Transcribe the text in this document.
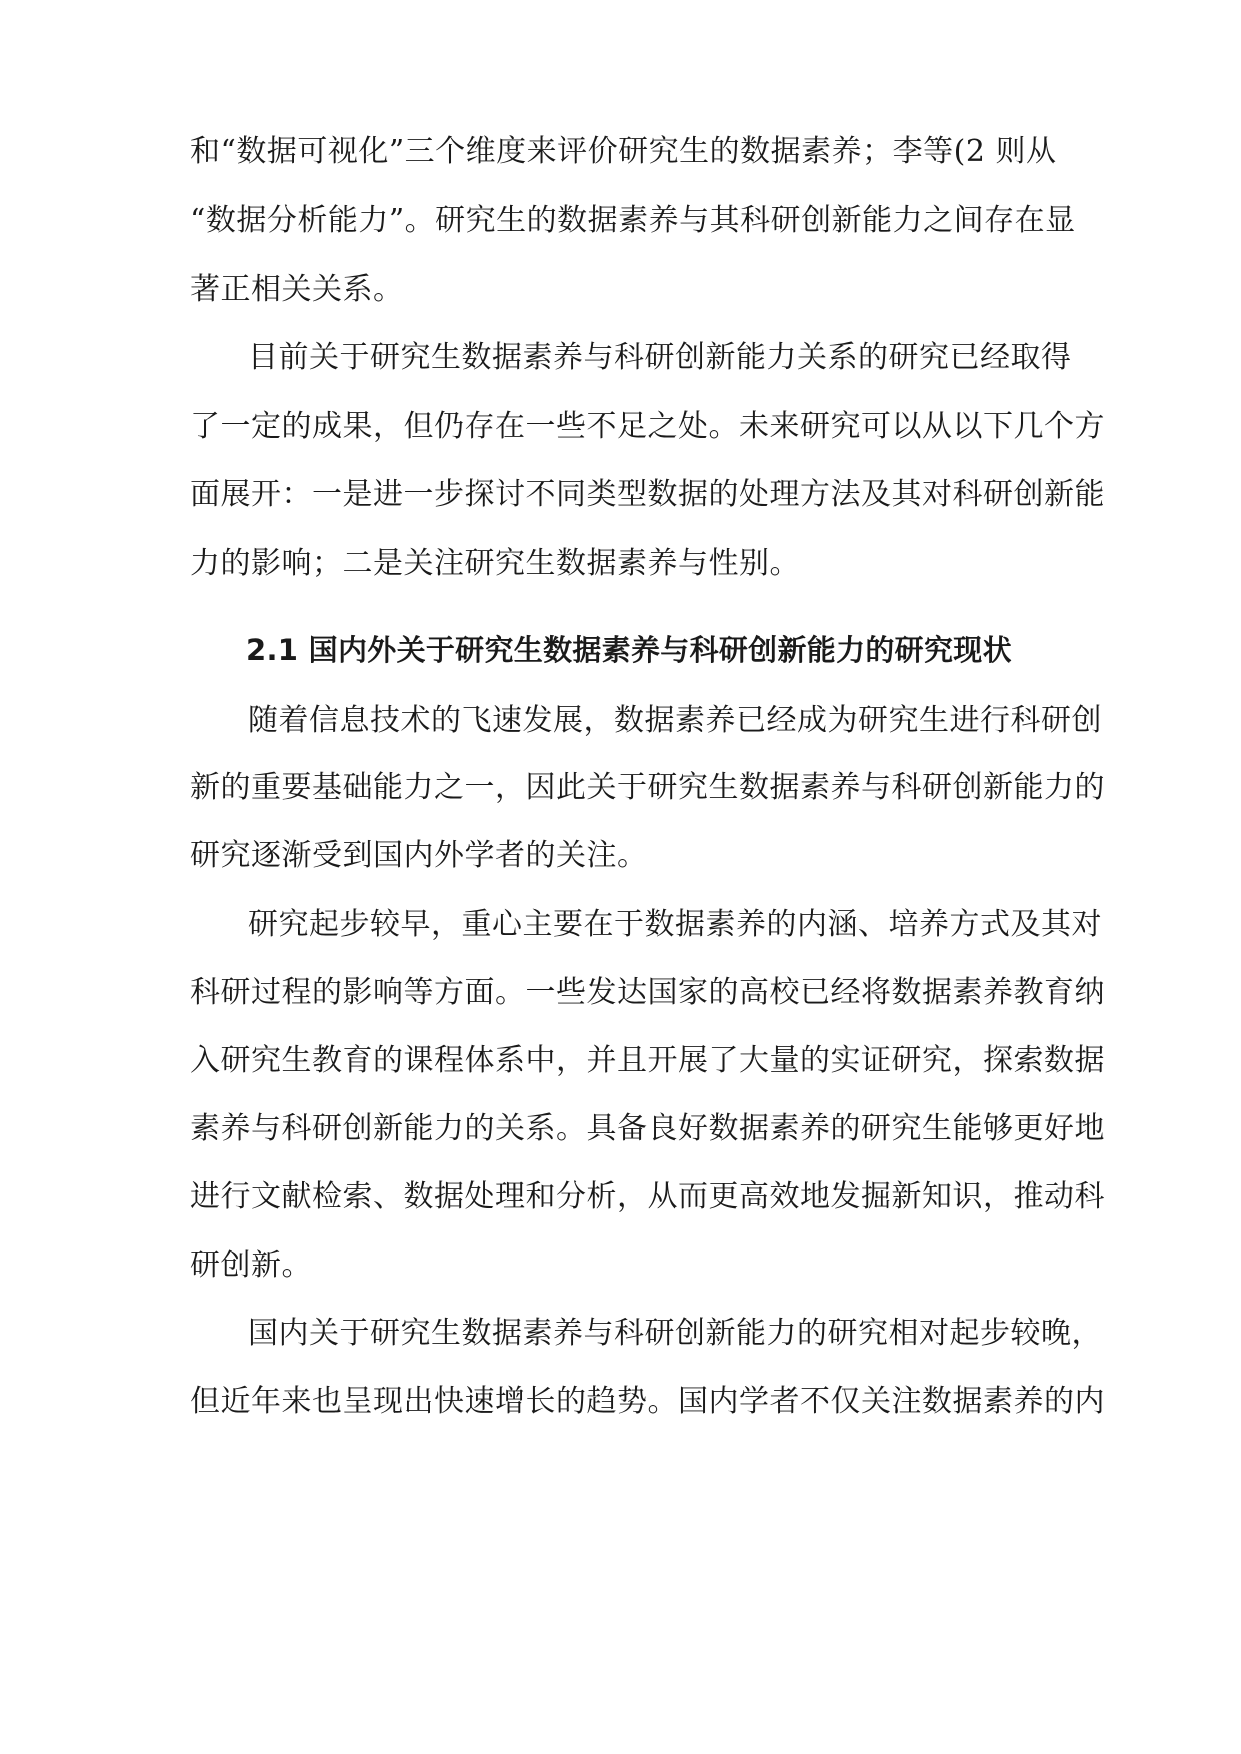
和“数据可视化”三个维度来评价研究生的数据素养；李等(2 则从
“数据分析能力”。研究生的数据素养与其科研创新能力之间存在显
著正相关关系。
目前关于研究生数据素养与科研创新能力关系的研究已经取得
了一定的成果，但仍存在一些不足之处。未来研究可以从以下几个方
面展开：一是进一步探讨不同类型数据的处理方法及其对科研创新能
力的影响；二是关注研究生数据素养与性别。
2.1 国内外关于研究生数据素养与科研创新能力的研究现状
随着信息技术的飞速发展，数据素养已经成为研究生进行科研创
新的重要基础能力之一，因此关于研究生数据素养与科研创新能力的
研究逐渐受到国内外学者的关注。
研究起步较早，重心主要在于数据素养的内涵、培养方式及其对
科研过程的影响等方面。一些发达国家的高校已经将数据素养教育纳
入研究生教育的课程体系中，并且开展了大量的实证研究，探索数据
素养与科研创新能力的关系。具备良好数据素养的研究生能够更好地
进行文献检索、数据处理和分析，从而更高效地发掘新知识，推动科
研创新。
国内关于研究生数据素养与科研创新能力的研究相对起步较晚，
但近年来也呈现出快速增长的趋势。国内学者不仅关注数据素养的内
